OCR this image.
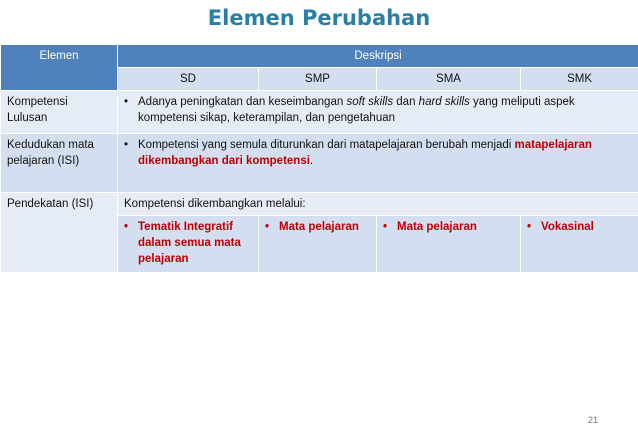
Elemen Perubahan
Elemen	Deskripsi			
	SD	SMP	SMA	SMK
Kompetensi Lulusan	• Adanya peningkatan dan keseimbangan soft skills dan hard skills yang meliputi aspek kompetensi sikap, keterampilan, dan pengetahuan			

Kedudukan mata pelajaran (ISI)	• Kompetensi yang semula diturunkan dari matapelajaran berubah menjadi matapelajaran dikembangkan dari kompetensi.			

Pendekatan (ISI)	Kompetensi dikembangkan melalui:			

	• Tematik Integratif dalam semua mata pelajaran	• Mata pelajaran	• Mata pelajaran	• Vokasinal
21
